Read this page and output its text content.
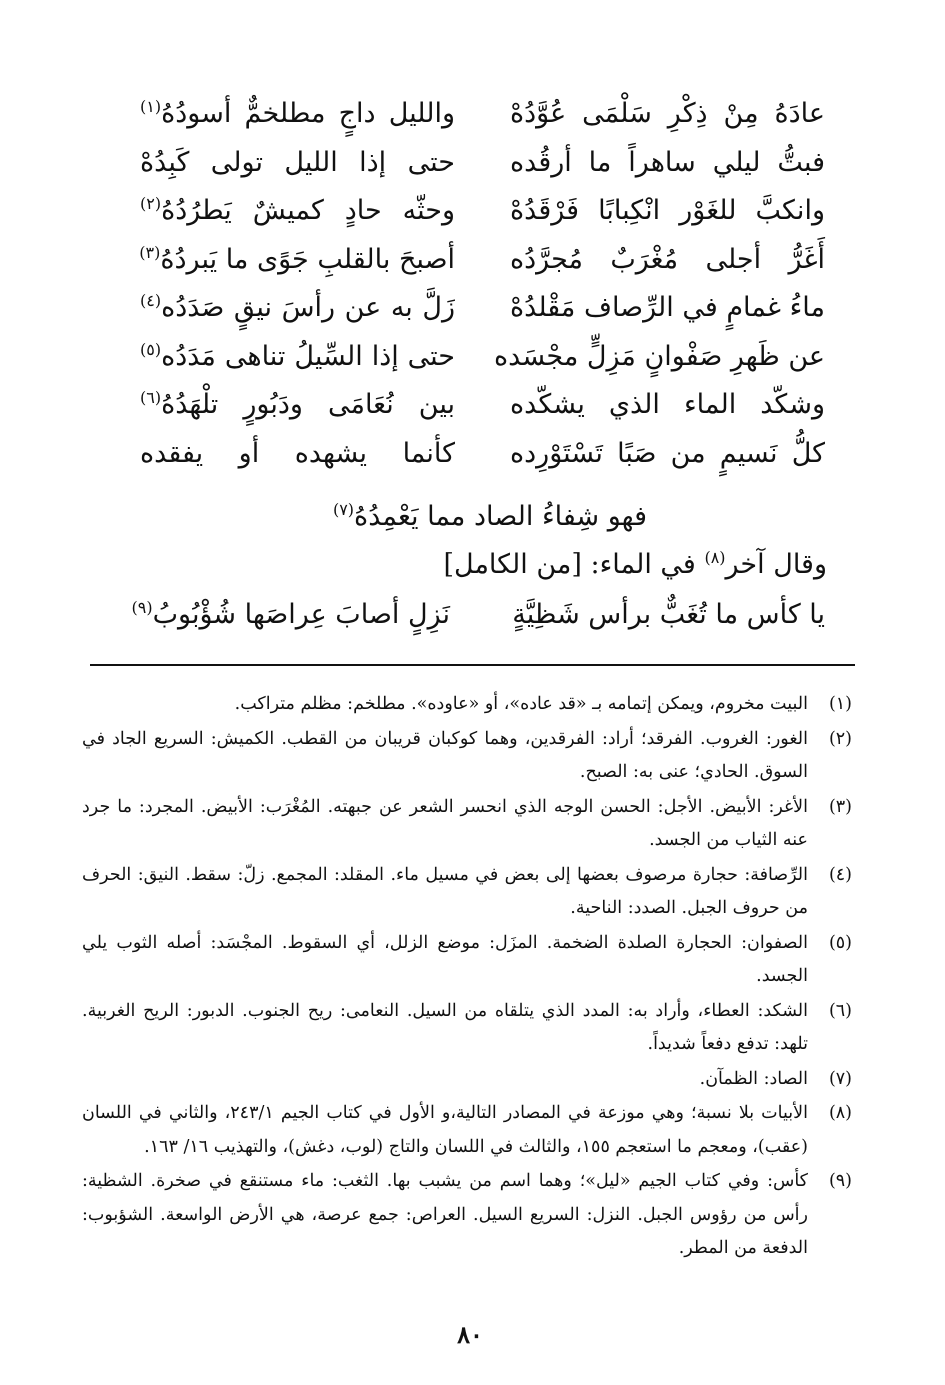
عادَهُ مِنْ ذِكْرِ سَلْمَى عُوَّدُهْ
والليل داجٍ مطلخمٌّ أسودُهُ$^{(١)}$
فبتُّ ليلي ساهراً ما أرقُده
حتى إذا الليل تولى كَبِدُهْ
وانكبَّ للغَوْر انْكِبابًا فَرْقَدُهْ
وحثّه حادٍ كميشٌ يَطرُدُهُ$^{(٢)}$
أَغَرُّ أجلى مُغْرَبٌ مُجرَّدُه
أصبحَ بالقلبِ جَوًى ما يَبردُهُ$^{(٣)}$
ماءُ غمامٍ في الرِّصاف مَقْلدُهْ
زَلَّ به عن رأسَ نيقٍ صَدَدُه$^{(٤)}$
عن ظَهرِ صَفْوانٍ مَزِلٍّ مجْسَده
حتى إذا السِّيلُ تناهى مَدَدُه$^{(٥)}$
وشكّد الماء الذي يشكّده
بين نُعَامَى ودَبُورٍ تلْهَدُهُ$^{(٦)}$
كلُّ نَسيمٍ من صَبًا تَسْتَوْرِده
كأنما يشهده أو يفقده
فهو شِفاءُ الصاد مما يَعْمِدُهُ$^{(٧)}$
وقال آخر$^{(٨)}$ في الماء: [من الكامل]
يا كأس ما تُغَبٌّ برأس شَظِيَّةٍ
نَزِلٍ أصابَ عِراصَها شُؤْبُوبُ$^{(٩)}$
(١)
البيت مخروم، ويمكن إتمامه بـ «قد عاده»، أو «عاوده». مطلخم: مظلم متراكب.
(٢)
الغور: الغروب. الفرقد؛ أراد: الفرقدين، وهما كوكبان قريبان من القطب. الكميش: السريع الجاد في السوق. الحادي؛ عنى به: الصبح.
(٣)
الأغر: الأبيض. الأجل: الحسن الوجه الذي انحسر الشعر عن جبهته. المُغْرَب: الأبيض. المجرد: ما جرد عنه الثياب من الجسد.
(٤)
الرِّصافة: حجارة مرصوف بعضها إلى بعض في مسيل ماء. المقلد: المجمع. زلّ: سقط. النيق: الحرف من حروف الجبل. الصدد: الناحية.
(٥)
الصفوان: الحجارة الصلدة الضخمة. المزَل: موضع الزلل، أي السقوط. المجْسَد: أصله الثوب يلي الجسد.
(٦)
الشكد: العطاء، وأراد به: المدد الذي يتلقاه من السيل. النعامى: ريح الجنوب. الدبور: الريح الغربية. تلهد: تدفع دفعاً شديداً.
(٧)
الصاد: الظمآن.
(٨)
الأبيات بلا نسبة؛ وهي موزعة في المصادر التالية،و الأول في كتاب الجيم ٢٤٣/١، والثاني في اللسان (عقب)، ومعجم ما استعجم ١٥٥، والثالث في اللسان والتاج (لوب، دغش)، والتهذيب ١٦/ ١٦٣.
(٩)
كأس: وفي كتاب الجيم «ليل»؛ وهما اسم من يشبب بها. الثغب: ماء مستنقع في صخرة. الشظية: رأس من رؤوس الجبل. النزل: السريع السيل. العراص: جمع عرصة، هي الأرض الواسعة. الشؤبوب: الدفعة من المطر.
٨٠
